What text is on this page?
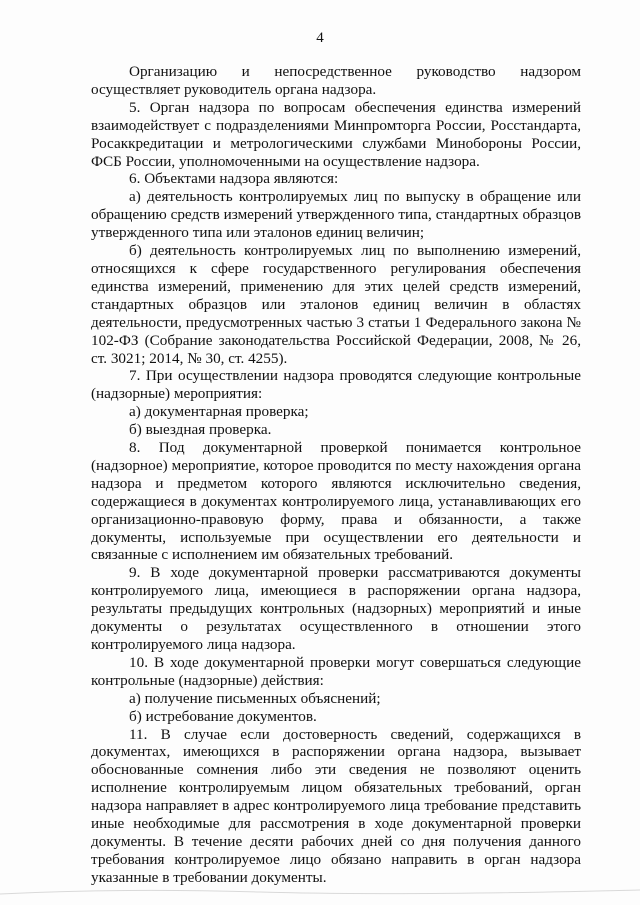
4

Организацию и непосредственное руководство надзором осуществляет руководитель органа надзора.

5. Орган надзора по вопросам обеспечения единства измерений взаимодействует с подразделениями Минпромторга России, Росстандарта, Росаккредитации и метрологическими службами Минобороны России, ФСБ России, уполномоченными на осуществление надзора.

6. Объектами надзора являются:

а) деятельность контролируемых лиц по выпуску в обращение или обращению средств измерений утвержденного типа, стандартных образцов утвержденного типа или эталонов единиц величин;

б) деятельность контролируемых лиц по выполнению измерений, относящихся к сфере государственного регулирования обеспечения единства измерений, применению для этих целей средств измерений, стандартных образцов или эталонов единиц величин в областях деятельности, предусмотренных частью 3 статьи 1 Федерального закона № 102-ФЗ (Собрание законодательства Российской Федерации, 2008, № 26, ст. 3021; 2014, № 30, ст. 4255).

7. При осуществлении надзора проводятся следующие контрольные (надзорные) мероприятия:

а) документарная проверка;

б) выездная проверка.

8. Под документарной проверкой понимается контрольное (надзорное) мероприятие, которое проводится по месту нахождения органа надзора и предметом которого являются исключительно сведения, содержащиеся в документах контролируемого лица, устанавливающих его организационно-правовую форму, права и обязанности, а также документы, используемые при осуществлении его деятельности и связанные с исполнением им обязательных требований.

9. В ходе документарной проверки рассматриваются документы контролируемого лица, имеющиеся в распоряжении органа надзора, результаты предыдущих контрольных (надзорных) мероприятий и иные документы о результатах осуществленного в отношении этого контролируемого лица надзора.

10. В ходе документарной проверки могут совершаться следующие контрольные (надзорные) действия:

а) получение письменных объяснений;

б) истребование документов.

11. В случае если достоверность сведений, содержащихся в документах, имеющихся в распоряжении органа надзора, вызывает обоснованные сомнения либо эти сведения не позволяют оценить исполнение контролируемым лицом обязательных требований, орган надзора направляет в адрес контролируемого лица требование представить иные необходимые для рассмотрения в ходе документарной проверки документы. В течение десяти рабочих дней со дня получения данного требования контролируемое лицо обязано направить в орган надзора указанные в требовании документы.
